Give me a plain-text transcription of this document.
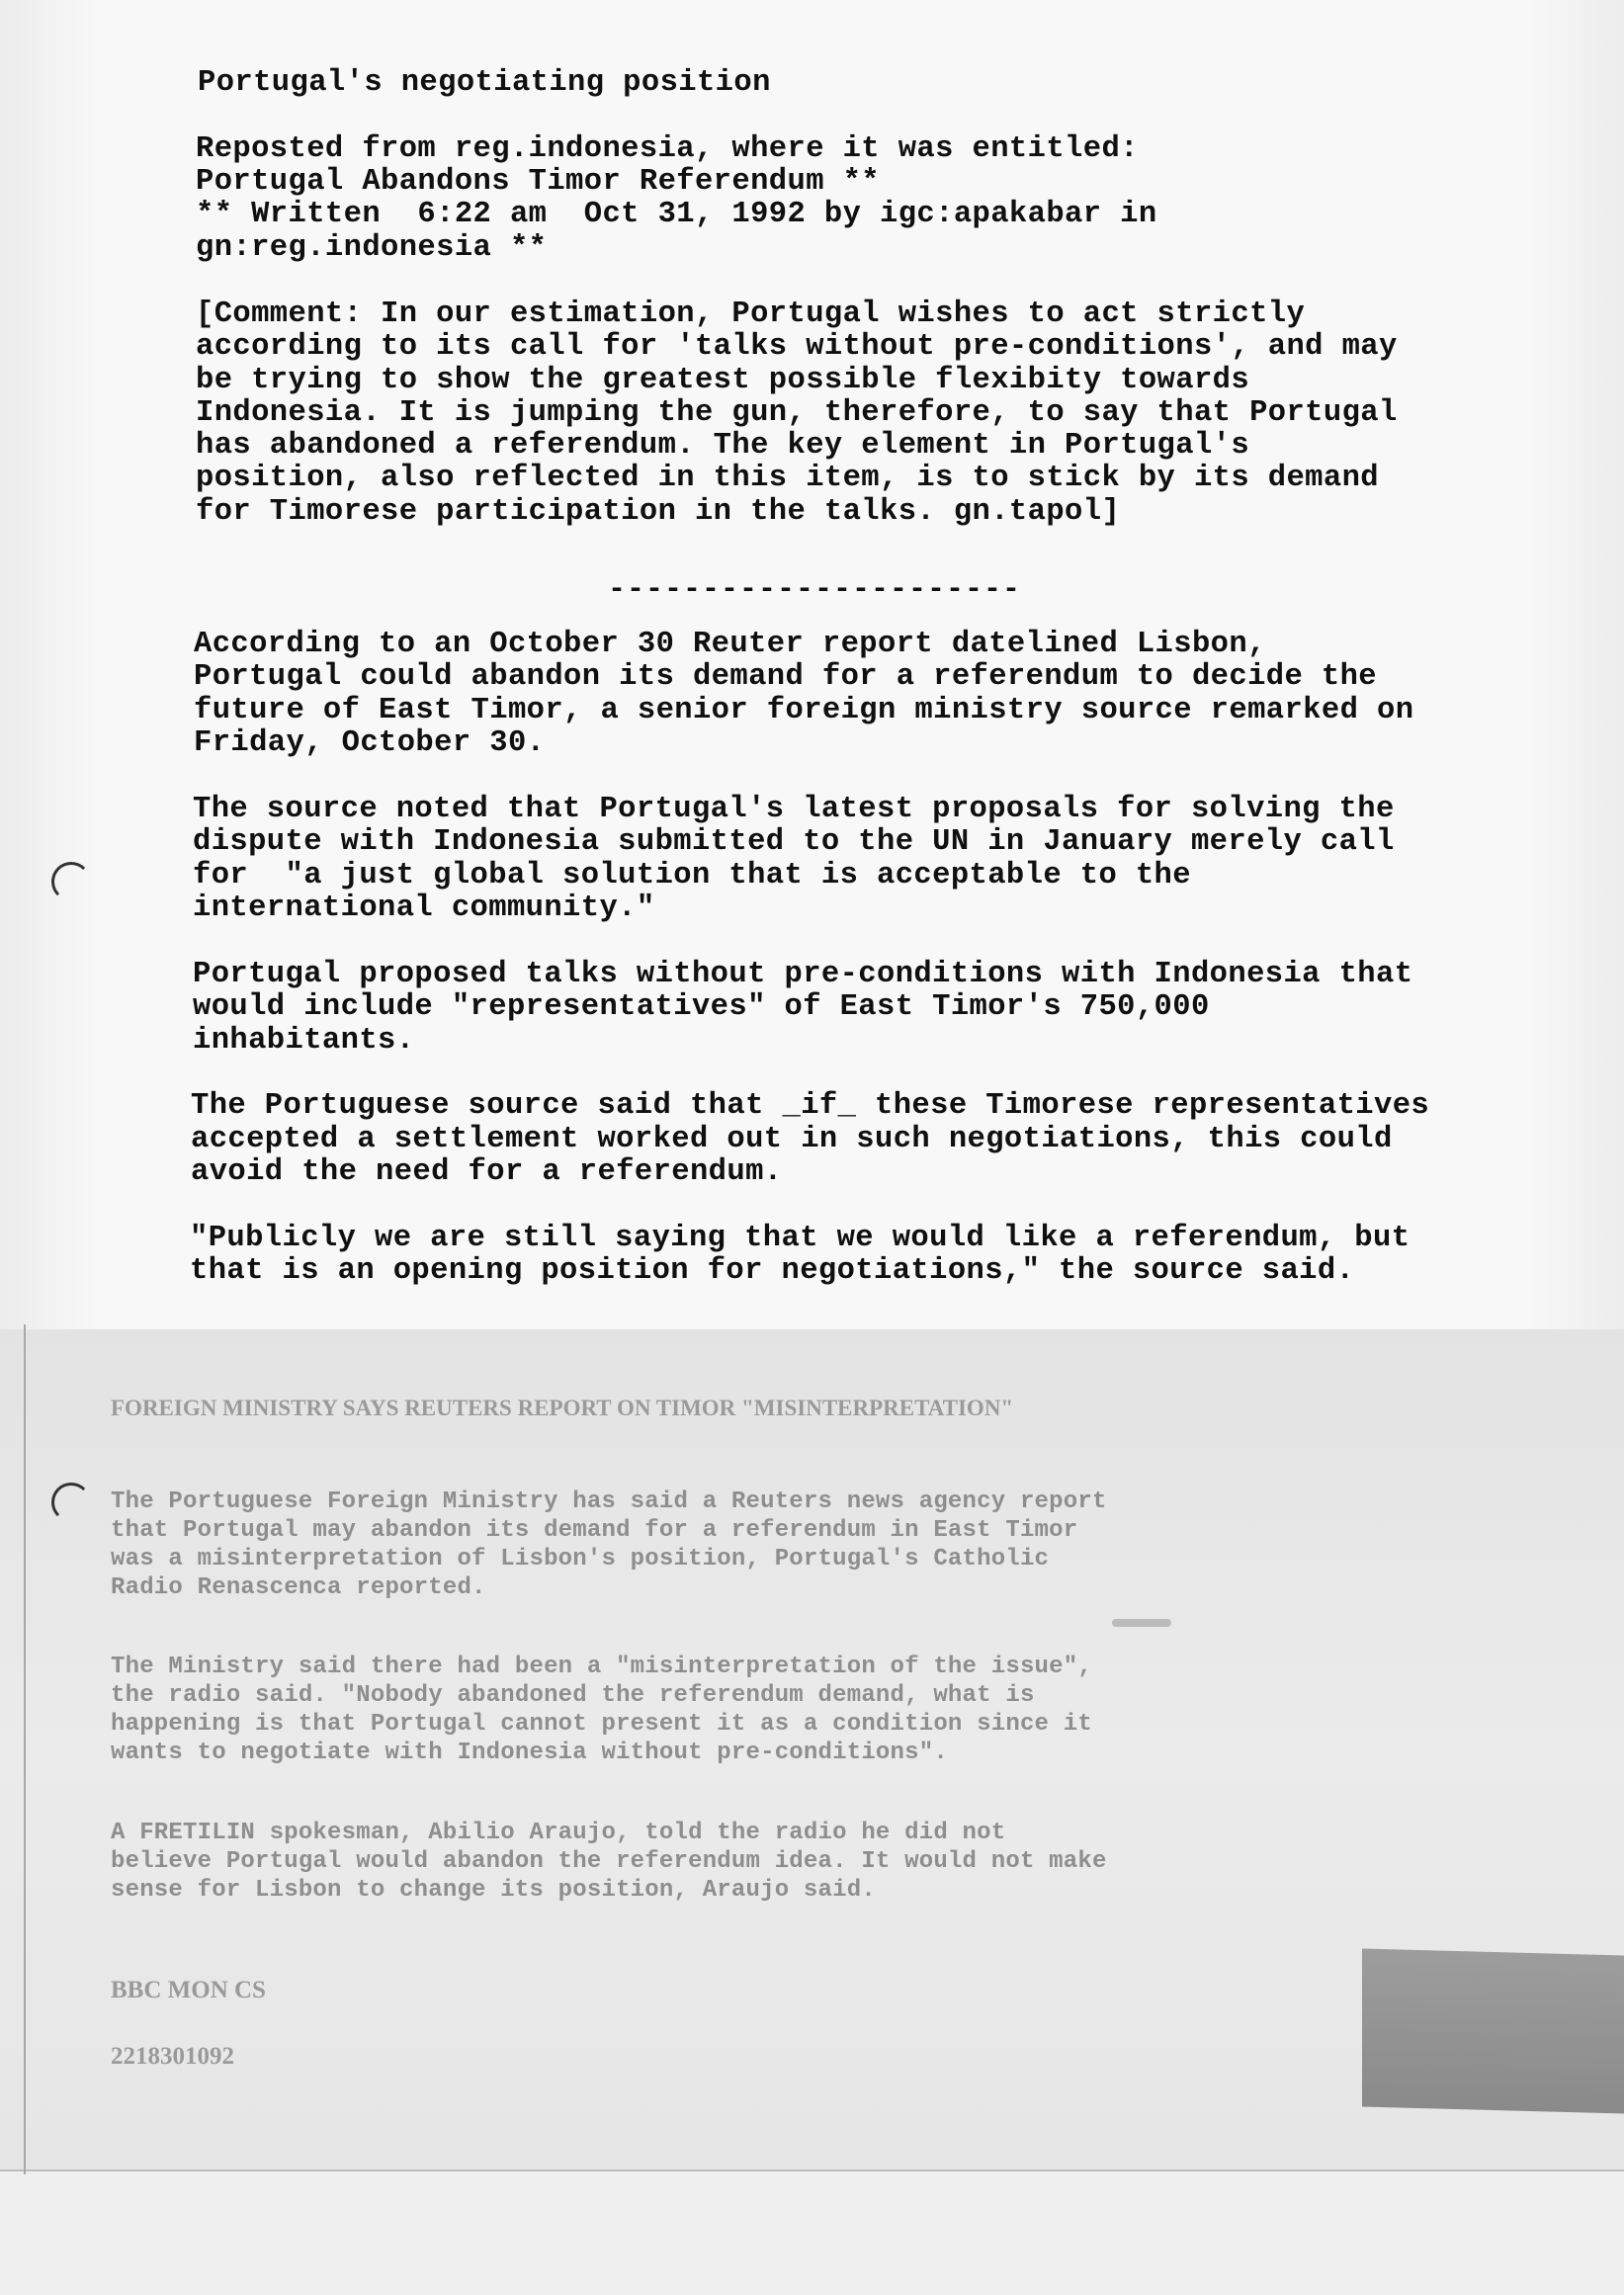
Portugal's negotiating position

Reposted from reg.indonesia, where it was entitled:

Portugal Abandons Timor Referendum **

** Written  6:22 am  Oct 31, 1992 by igc:apakabar in

gn:reg.indonesia **

[Comment: In our estimation, Portugal wishes to act strictly

according to its call for 'talks without pre-conditions', and may

be trying to show the greatest possible flexibity towards

Indonesia. It is jumping the gun, therefore, to say that Portugal

has abandoned a referendum. The key element in Portugal's

position, also reflected in this item, is to stick by its demand

for Timorese participation in the talks. gn.tapol]

----------------------

According to an October 30 Reuter report datelined Lisbon,

Portugal could abandon its demand for a referendum to decide the

future of East Timor, a senior foreign ministry source remarked on

Friday, October 30.

The source noted that Portugal's latest proposals for solving the

dispute with Indonesia submitted to the UN in January merely call

for  "a just global solution that is acceptable to the

international community."

Portugal proposed talks without pre-conditions with Indonesia that

would include "representatives" of East Timor's 750,000

inhabitants.

The Portuguese source said that _if_ these Timorese representatives

accepted a settlement worked out in such negotiations, this could

avoid the need for a referendum.

"Publicly we are still saying that we would like a referendum, but

that is an opening position for negotiations," the source said.

FOREIGN MINISTRY SAYS REUTERS REPORT ON TIMOR "MISINTERPRETATION"

The Portuguese Foreign Ministry has said a Reuters news agency report

that Portugal may abandon its demand for a referendum in East Timor

was a misinterpretation of Lisbon's position, Portugal's Catholic

Radio Renascenca reported.

The Ministry said there had been a "misinterpretation of the issue",

the radio said. "Nobody abandoned the referendum demand, what is

happening is that Portugal cannot present it as a condition since it

wants to negotiate with Indonesia without pre-conditions".

A FRETILIN spokesman, Abilio Araujo, told the radio he did not

believe Portugal would abandon the referendum idea. It would not make

sense for Lisbon to change its position, Araujo said.

BBC MON CS

2218301092
